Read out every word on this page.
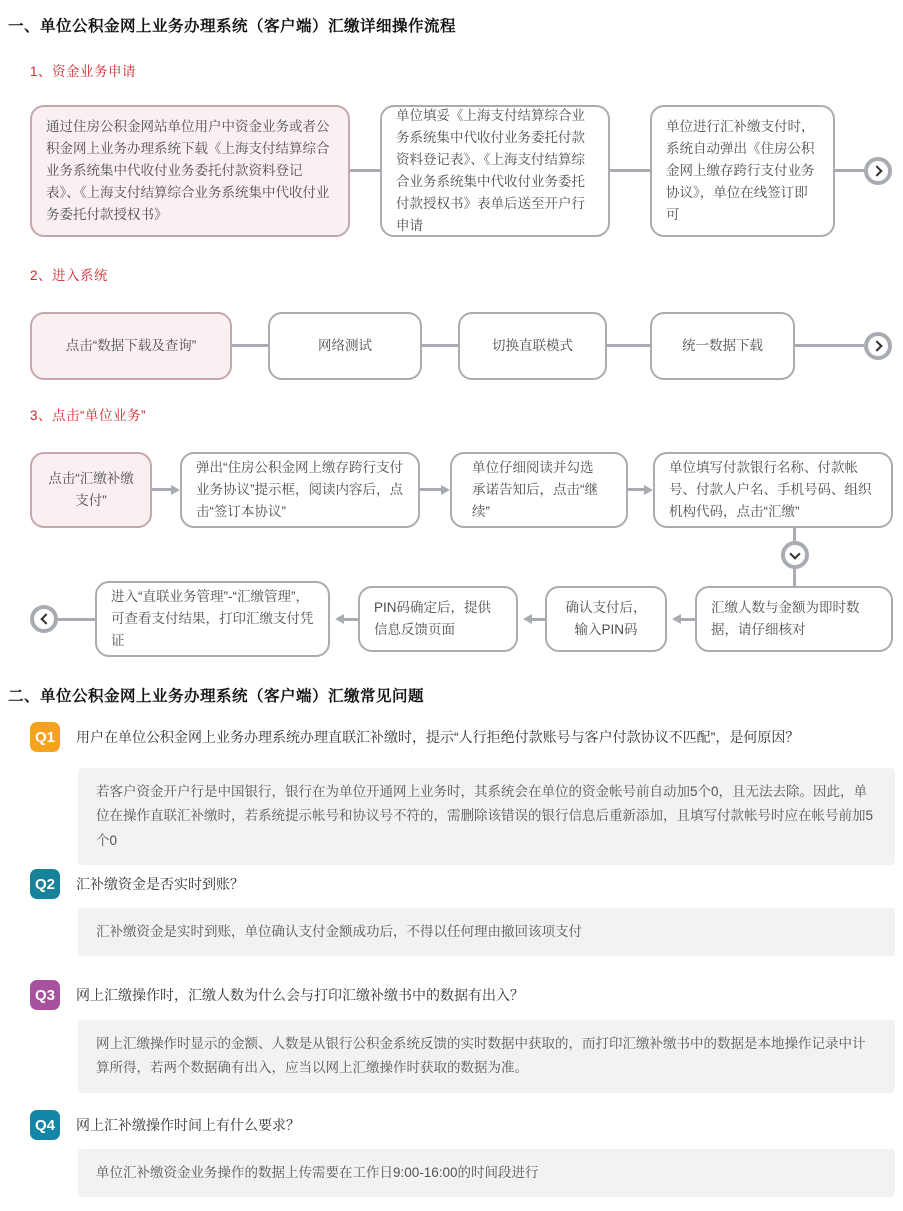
一、单位公积金网上业务办理系统（客户端）汇缴详细操作流程
1、资金业务申请
通过住房公积金网站单位用户中资金业务或者公积金网上业务办理系统下载《上海支付结算综合业务系统集中代收付业务委托付款资料登记表》、《上海支付结算综合业务系统集中代收付业务委托付款授权书》
单位填妥《上海支付结算综合业务系统集中代收付业务委托付款资料登记表》、《上海支付结算综合业务系统集中代收付业务委托付款授权书》表单后送至开户行申请
单位进行汇补缴支付时，系统自动弹出《住房公积金网上缴存跨行支付业务协议》，单位在线签订即可
2、进入系统
点击“数据下载及查询”	网络测试	切换直联模式	统一数据下载
3、点击“单位业务”
点击“汇缴补缴支付”
弹出“住房公积金网上缴存跨行支付业务协议”提示框，阅读内容后，点击“签订本协议”
单位仔细阅读并勾选承诺告知后，点击“继续”
单位填写付款银行名称、付款帐号、付款人户名、手机号码、组织机构代码，点击“汇缴”
汇缴人数与金额为即时数据，请仔细核对
确认支付后，输入PIN码
PIN码确定后，提供信息反馈页面
进入“直联业务管理”-“汇缴管理”，可查看支付结果，打印汇缴支付凭证
二、单位公积金网上业务办理系统（客户端）汇缴常见问题
Q1	用户在单位公积金网上业务办理系统办理直联汇补缴时，提示“人行拒绝付款账号与客户付款协议不匹配”，是何原因？
若客户资金开户行是中国银行，银行在为单位开通网上业务时，其系统会在单位的资金帐号前自动加5个0，且无法去除。因此，单位在操作直联汇补缴时，若系统提示帐号和协议号不符的，需删除该错误的银行信息后重新添加，且填写付款帐号时应在帐号前加5个0
Q2	汇补缴资金是否实时到账？
汇补缴资金是实时到账，单位确认支付金额成功后，不得以任何理由撤回该项支付
Q3	网上汇缴操作时，汇缴人数为什么会与打印汇缴补缴书中的数据有出入？
网上汇缴操作时显示的金额、人数是从银行公积金系统反馈的实时数据中获取的，而打印汇缴补缴书中的数据是本地操作记录中计算所得，若两个数据确有出入，应当以网上汇缴操作时获取的数据为准。
Q4	网上汇补缴操作时间上有什么要求？
单位汇补缴资金业务操作的数据上传需要在工作日9:00-16:00的时间段进行
